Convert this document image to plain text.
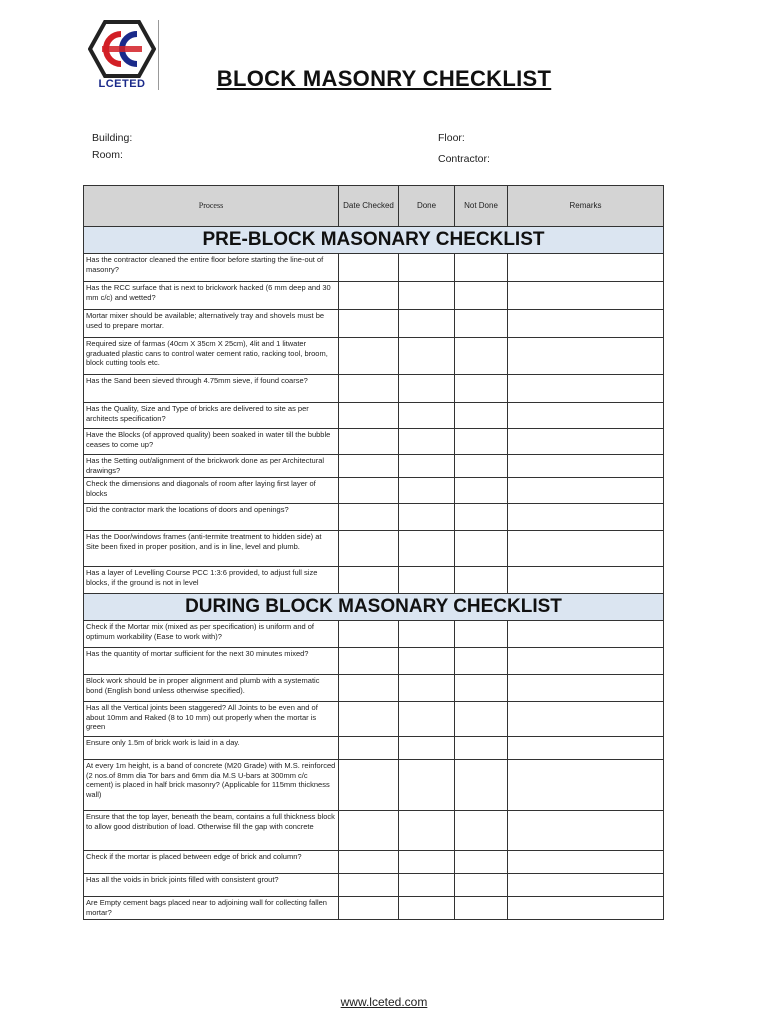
LCETED	BLOCK MASONRY CHECKLIST
Building:
Room:
Floor:
Contractor:
Process	Date Checked	Done	Not Done	Remarks
PRE-BLOCK MASONARY CHECKLIST				
Has the contractor cleaned the entire floor before starting the line-out of masonry?				
Has the RCC surface that is next to brickwork hacked (6 mm deep and 30 mm c/c) and wetted?				
Mortar mixer should be available; alternatively tray and shovels must be used to prepare mortar.				
Required size of farmas (40cm X 35cm X 25cm), 4lit and 1 litwater graduated plastic cans to control water cement ratio, racking tool, broom, block cutting tools etc.				
Has the Sand been sieved through 4.75mm sieve, if found coarse?				
Has the Quality, Size and Type of bricks are delivered to site as per architects specification?				
Have the Blocks (of approved quality) been soaked in water till the bubble ceases to come up?				
Has the Setting out/alignment of the brickwork done as per Architectural drawings?				
Check the dimensions and diagonals of room after laying first layer of blocks				
Did the contractor mark the locations of doors and openings?				
Has the Door/windows frames (anti-termite treatment to hidden side) at Site been fixed in proper position, and is in line, level and plumb.				
Has a layer of Levelling Course PCC 1:3:6 provided, to adjust full size blocks, if the ground is not in level				
DURING BLOCK MASONARY CHECKLIST				
Check if the Mortar mix (mixed as per specification) is uniform and of optimum workability (Ease to work with)?				
Has the quantity of mortar sufficient for the next 30 minutes mixed?				
Block work should be in proper alignment and plumb with a systematic bond (English bond unless otherwise specified).				
Has all the Vertical joints been staggered? All Joints to be even and of about 10mm and Raked (8 to 10 mm) out properly when the mortar is green				
Ensure only 1.5m of brick work is laid in a day.				
At every 1m height, is a band of concrete (M20 Grade) with M.S. reinforced (2 nos.of 8mm dia Tor bars and 6mm dia M.S U-bars at 300mm c/c cement) is placed in half brick masonry? (Applicable for 115mm thickness wall)				
Ensure that the top layer, beneath the beam, contains a full thickness block to allow good distribution of load. Otherwise fill the gap with concrete				
Check if the mortar is placed between edge of brick and column?				
Has all the voids in brick joints filled with consistent grout?				
Are Empty cement bags placed near to adjoining wall for collecting fallen mortar?				
www.lceted.com
